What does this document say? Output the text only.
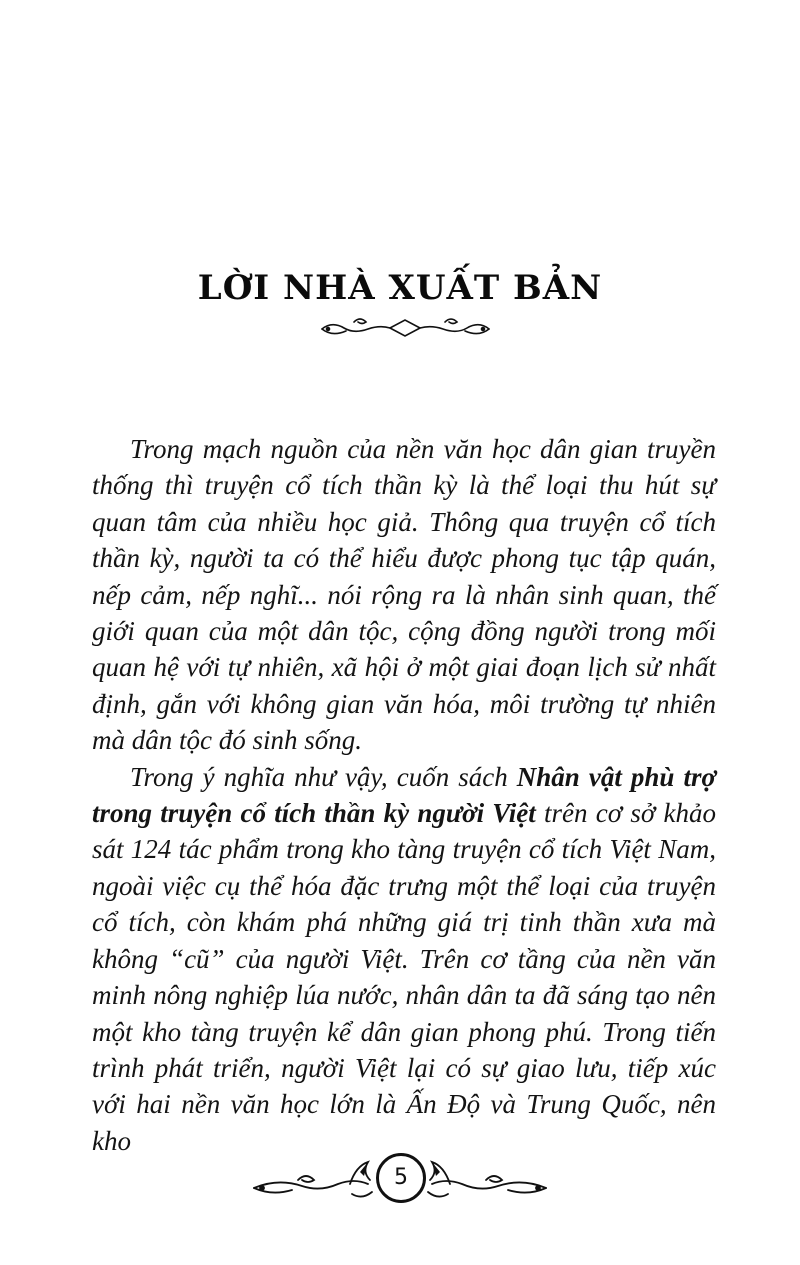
LỜI NHÀ XUẤT BẢN

Trong mạch nguồn của nền văn học dân gian truyền thống thì truyện cổ tích thần kỳ là thể loại thu hút sự quan tâm của nhiều học giả. Thông qua truyện cổ tích thần kỳ, người ta có thể hiểu được phong tục tập quán, nếp cảm, nếp nghĩ... nói rộng ra là nhân sinh quan, thế giới quan của một dân tộc, cộng đồng người trong mối quan hệ với tự nhiên, xã hội ở một giai đoạn lịch sử nhất định, gắn với không gian văn hóa, môi trường tự nhiên mà dân tộc đó sinh sống.

Trong ý nghĩa như vậy, cuốn sách Nhân vật phù trợ trong truyện cổ tích thần kỳ người Việt trên cơ sở khảo sát 124 tác phẩm trong kho tàng truyện cổ tích Việt Nam, ngoài việc cụ thể hóa đặc trưng một thể loại của truyện cổ tích, còn khám phá những giá trị tinh thần xưa mà không “cũ” của người Việt. Trên cơ tầng của nền văn minh nông nghiệp lúa nước, nhân dân ta đã sáng tạo nên một kho tàng truyện kể dân gian phong phú. Trong tiến trình phát triển, người Việt lại có sự giao lưu, tiếp xúc với hai nền văn học lớn là Ấn Độ và Trung Quốc, nên kho

5
